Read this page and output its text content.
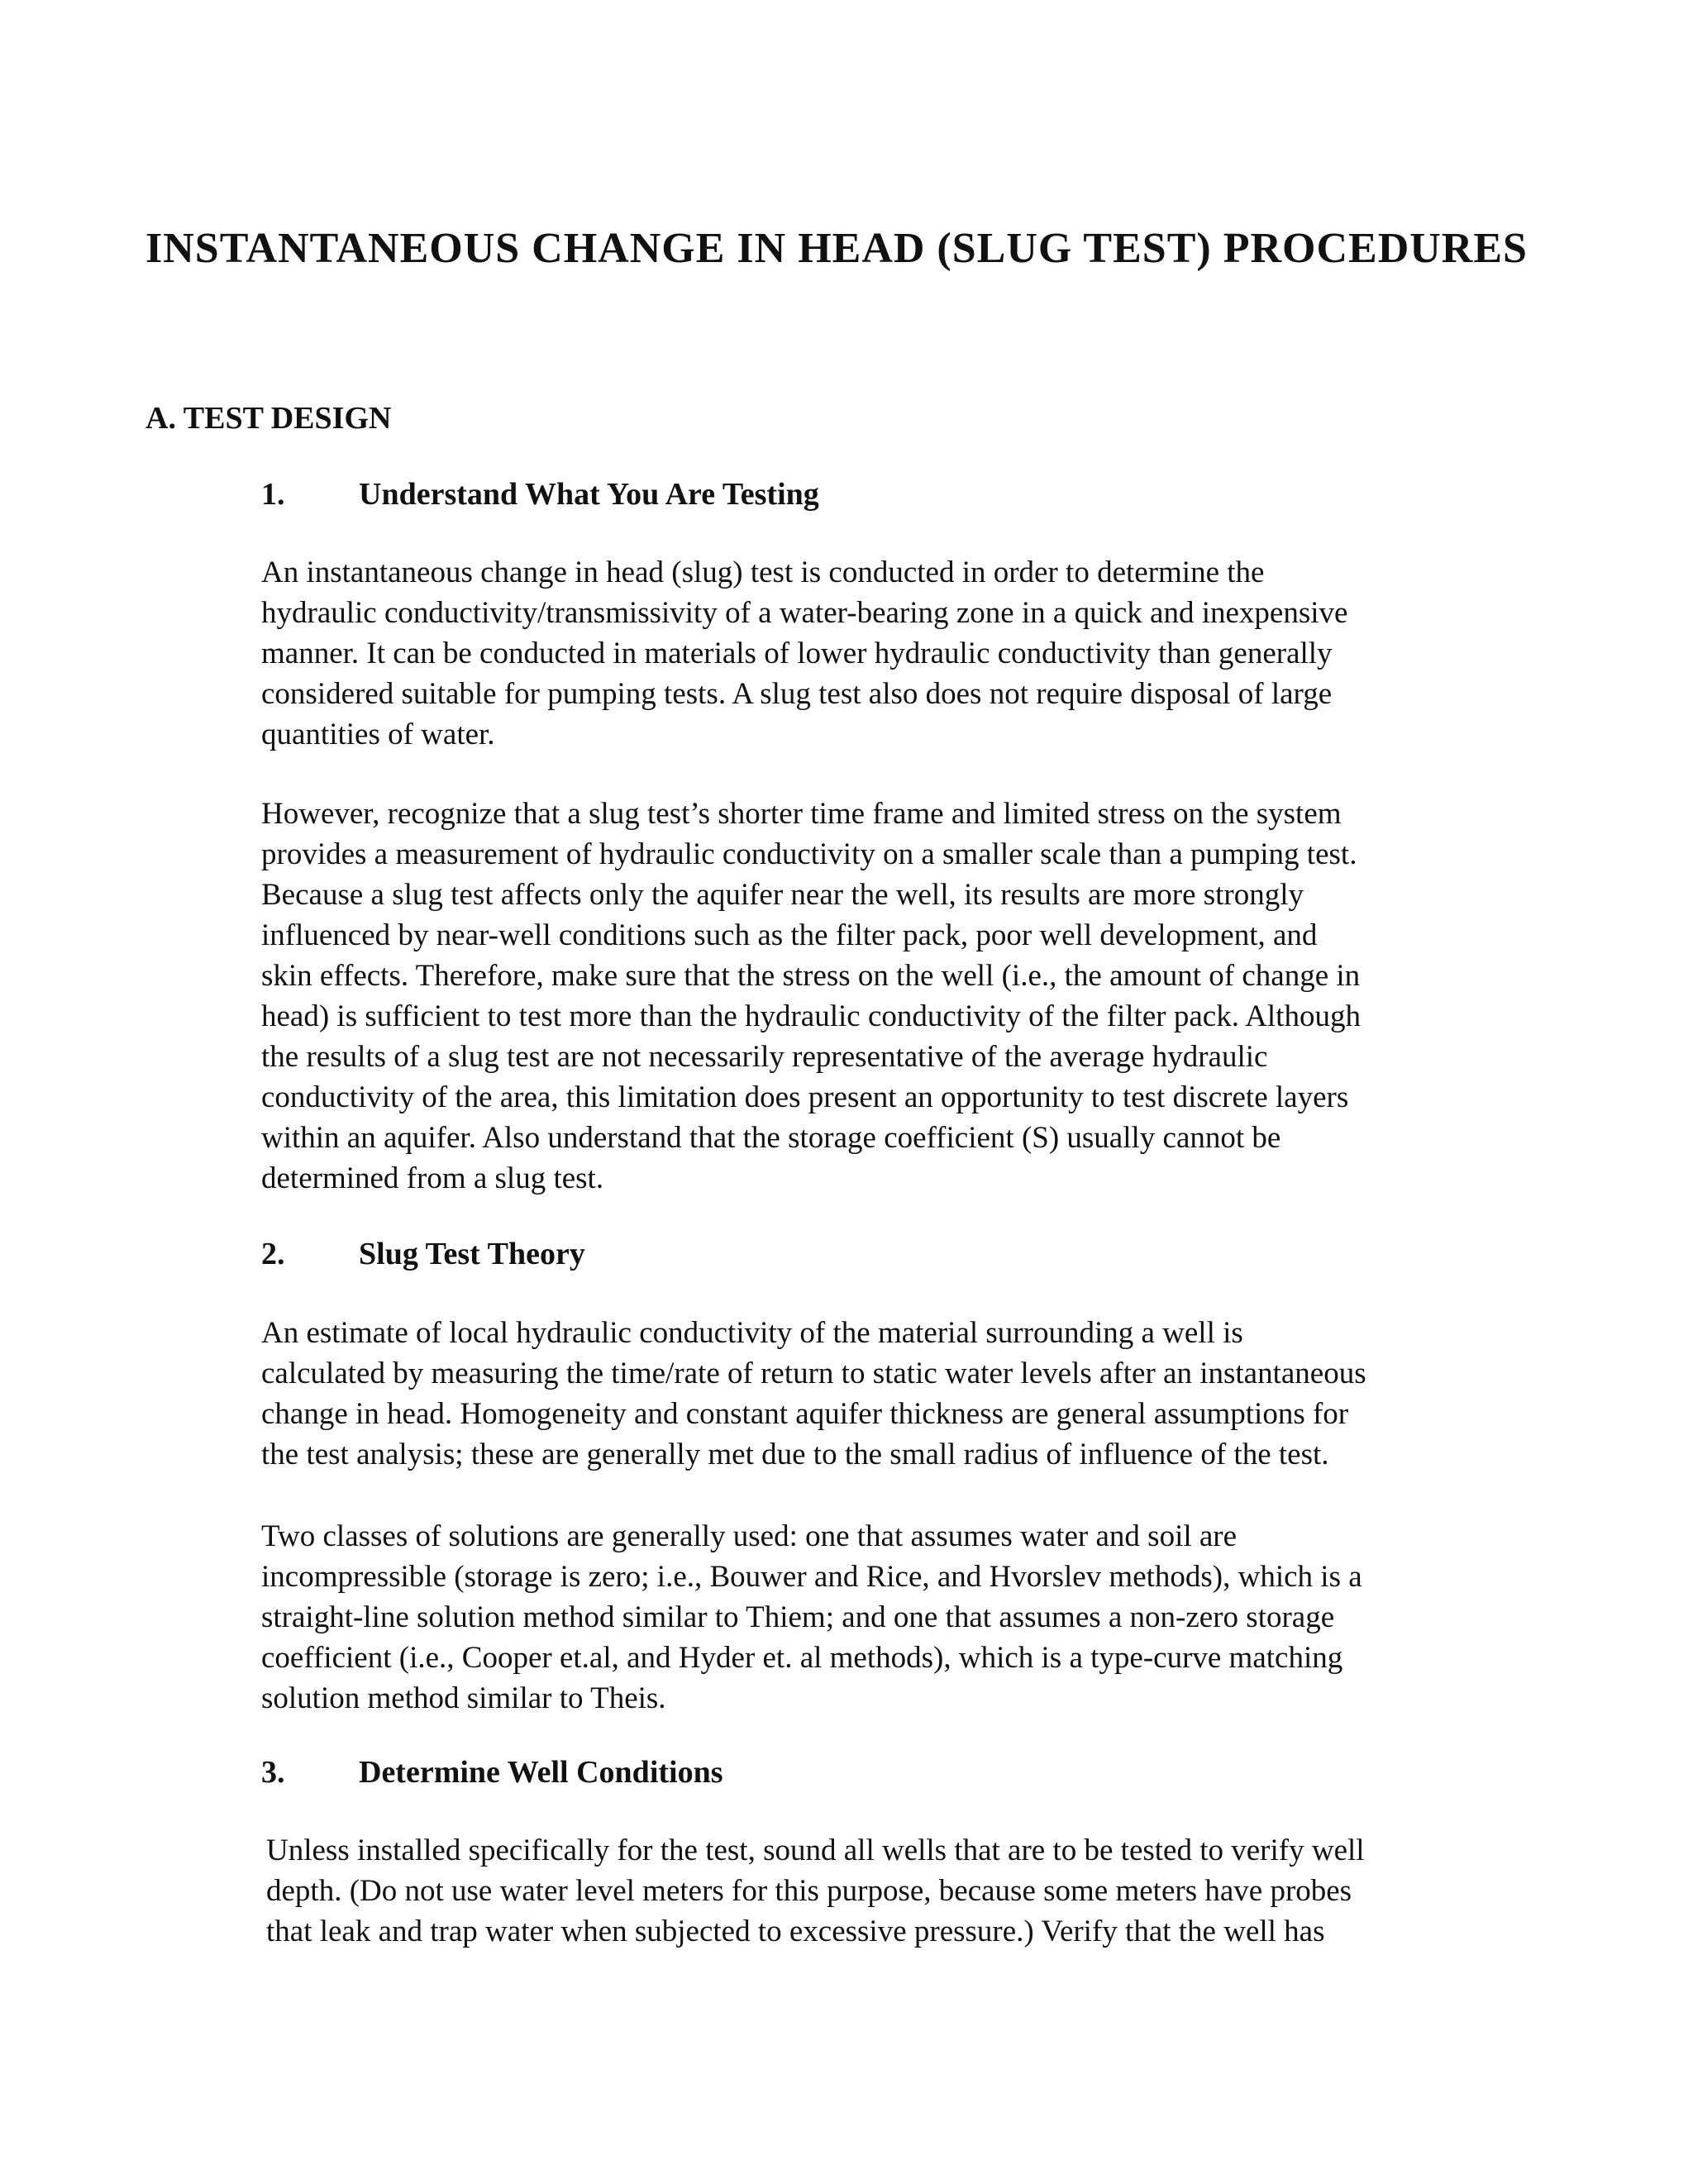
INSTANTANEOUS CHANGE IN HEAD (SLUG TEST) PROCEDURES
A. TEST DESIGN
1. Understand What You Are Testing

An instantaneous change in head (slug) test is conducted in order to determine the
hydraulic conductivity/transmissivity of a water-bearing zone in a quick and inexpensive
manner. It can be conducted in materials of lower hydraulic conductivity than generally
considered suitable for pumping tests. A slug test also does not require disposal of large
quantities of water.

However, recognize that a slug test’s shorter time frame and limited stress on the system
provides a measurement of hydraulic conductivity on a smaller scale than a pumping test.
Because a slug test affects only the aquifer near the well, its results are more strongly
influenced by near-well conditions such as the filter pack, poor well development, and
skin effects. Therefore, make sure that the stress on the well (i.e., the amount of change in
head) is sufficient to test more than the hydraulic conductivity of the filter pack. Although
the results of a slug test are not necessarily representative of the average hydraulic
conductivity of the area, this limitation does present an opportunity to test discrete layers
within an aquifer. Also understand that the storage coefficient (S) usually cannot be
determined from a slug test.

2. Slug Test Theory

An estimate of local hydraulic conductivity of the material surrounding a well is
calculated by measuring the time/rate of return to static water levels after an instantaneous
change in head. Homogeneity and constant aquifer thickness are general assumptions for
the test analysis; these are generally met due to the small radius of influence of the test.

Two classes of solutions are generally used: one that assumes water and soil are
incompressible (storage is zero; i.e., Bouwer and Rice, and Hvorslev methods), which is a
straight-line solution method similar to Thiem; and one that assumes a non-zero storage
coefficient (i.e., Cooper et.al, and Hyder et. al methods), which is a type-curve matching
solution method similar to Theis.

3. Determine Well Conditions

Unless installed specifically for the test, sound all wells that are to be tested to verify well
depth. (Do not use water level meters for this purpose, because some meters have probes
that leak and trap water when subjected to excessive pressure.) Verify that the well has
